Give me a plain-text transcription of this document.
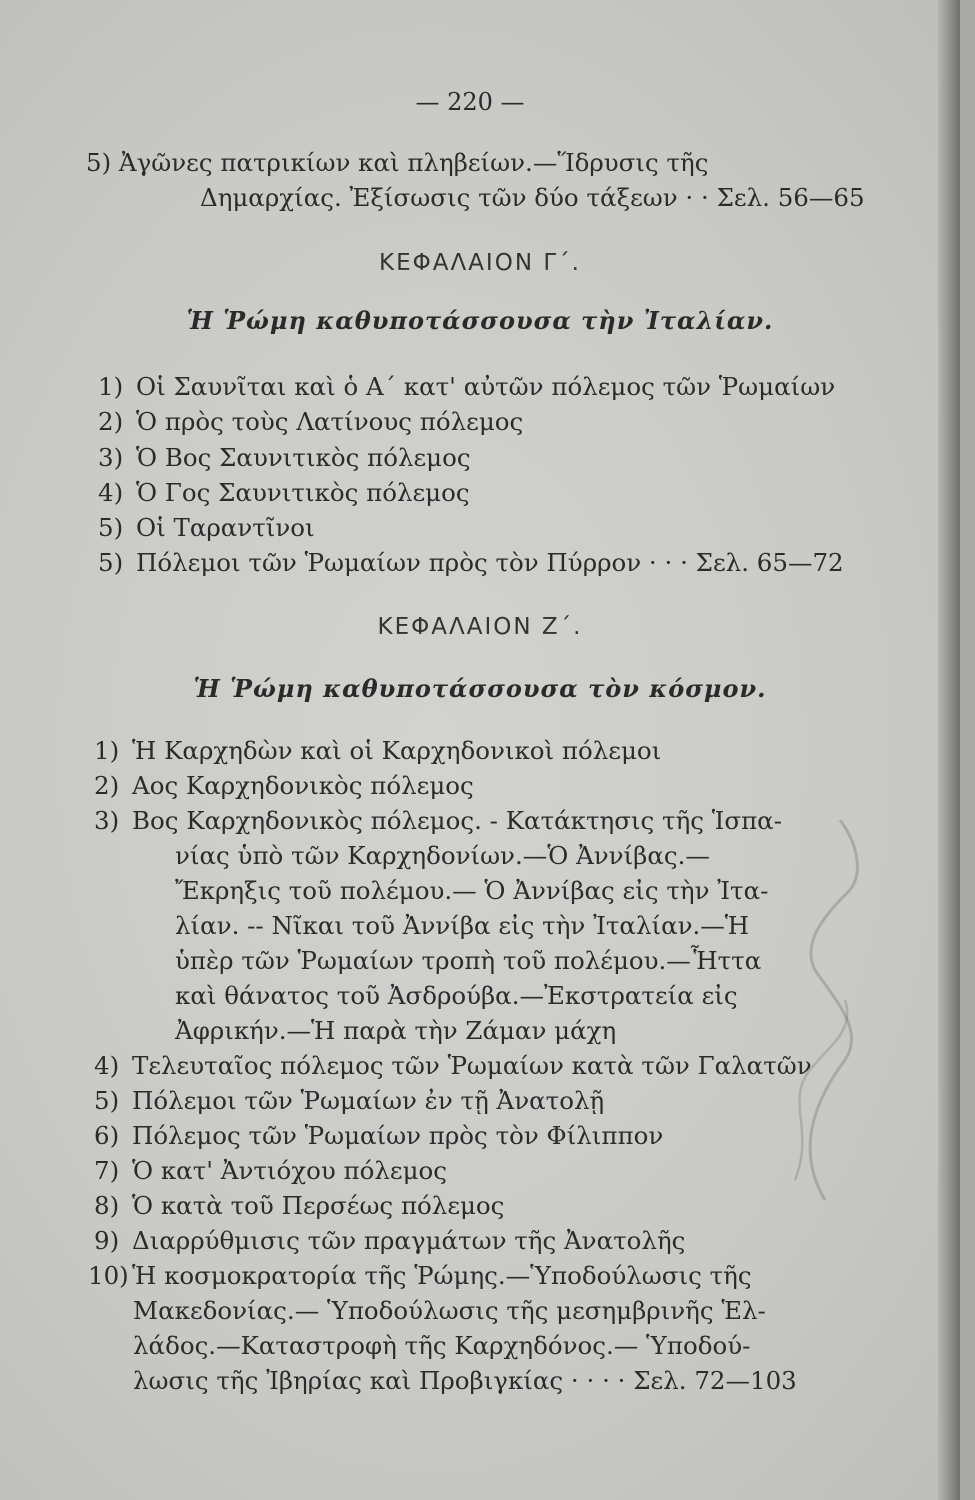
— 220 —
5) Ἀγῶνες πατρικίων καὶ πληβείων.—Ἵδρυσις τῆς
Δημαρχίας. Ἐξίσωσις τῶν δύο τάξεων · · Σελ. 56—65
ΚΕΦΑΛΑΙΟΝ Γ΄.
Ἡ Ῥώμη καθυποτάσσουσα τὴν Ἰταλίαν.
1) Οἱ Σαυνῖται καὶ ὁ Α΄ κατ' αὐτῶν πόλεμος τῶν Ῥωμαίων
2) Ὁ πρὸς τοὺς Λατίνους πόλεμος
3) Ὁ Βος Σαυνιτικὸς πόλεμος
4) Ὁ Γος Σαυνιτικὸς πόλεμος
5) Οἱ Ταραντῖνοι
5) Πόλεμοι τῶν Ῥωμαίων πρὸς τὸν Πύρρον · · · Σελ. 65—72
ΚΕΦΑΛΑΙΟΝ Ζ΄.
Ἡ Ῥώμη καθυποτάσσουσα τὸν κόσμον.
1) Ἡ Καρχηδὼν καὶ οἱ Καρχηδονικοὶ πόλεμοι
2) Αος Καρχηδονικὸς πόλεμος
3) Βος Καρχηδονικὸς πόλεμος. - Κατάκτησις τῆς Ἱσπα-
νίας ὑπὸ τῶν Καρχηδονίων.—Ὁ Ἀννίβας.—
Ἔκρηξις τοῦ πολέμου.— Ὁ Ἀννίβας εἰς τὴν Ἰτα-
λίαν. -- Νῖκαι τοῦ Ἀννίβα εἰς τὴν Ἰταλίαν.—Ἡ
ὑπὲρ τῶν Ῥωμαίων τροπὴ τοῦ πολέμου.—Ἧττα
καὶ θάνατος τοῦ Ἀσδρούβα.—Ἐκστρατεία εἰς
Ἀφρικήν.—Ἡ παρὰ τὴν Ζάμαν μάχη
4) Τελευταῖος πόλεμος τῶν Ῥωμαίων κατὰ τῶν Γαλατῶν
5) Πόλεμοι τῶν Ῥωμαίων ἐν τῇ Ἀνατολῇ
6) Πόλεμος τῶν Ῥωμαίων πρὸς τὸν Φίλιππον
7) Ὁ κατ' Ἀντιόχου πόλεμος
8) Ὁ κατὰ τοῦ Περσέως πόλεμος
9) Διαρρύθμισις τῶν πραγμάτων τῆς Ἀνατολῆς
10) Ἡ κοσμοκρατορία τῆς Ῥώμης.—Ὑποδούλωσις τῆς
Μακεδονίας.— Ὑποδούλωσις τῆς μεσημβρινῆς Ἑλ-
λάδος.—Καταστροφὴ τῆς Καρχηδόνος.— Ὑποδού-
λωσις τῆς Ἰβηρίας καὶ Προβιγκίας · · · · Σελ. 72—103
